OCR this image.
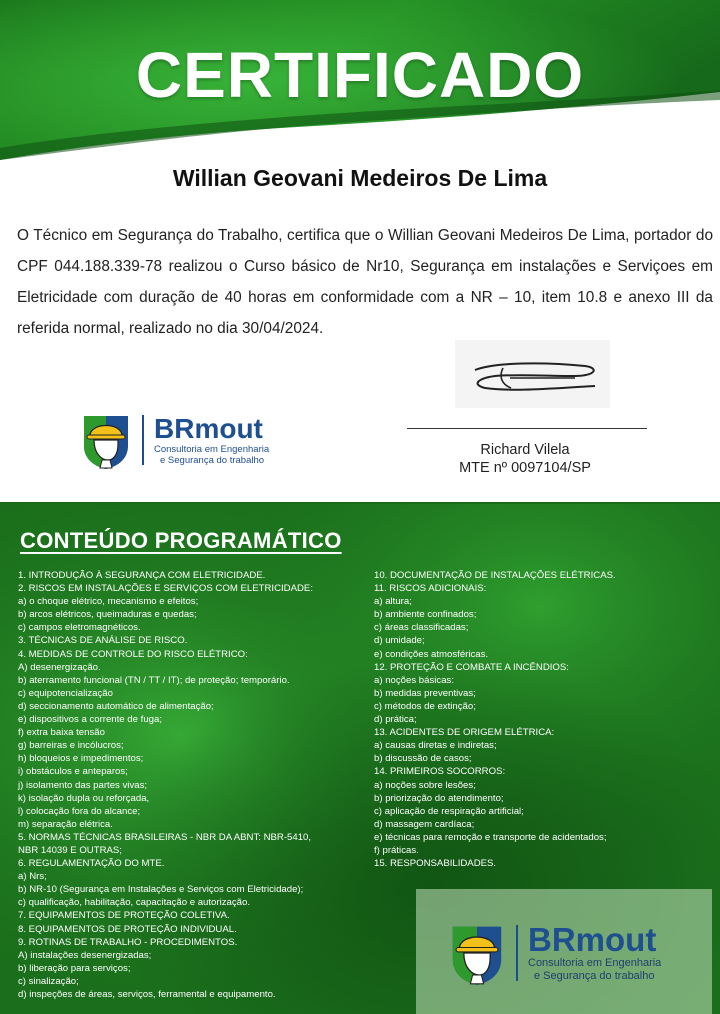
CERTIFICADO
Willian Geovani Medeiros De Lima
O Técnico em Segurança do Trabalho, certifica que o Willian Geovani Medeiros De Lima, portador do CPF 044.188.339-78 realizou o Curso básico de Nr10, Segurança em instalações e Serviçoes em Eletricidade com duração de 40 horas em conformidade com a NR – 10, item 10.8 e anexo III da referida normal, realizado no dia 30/04/2024.
Richard Vilela
MTE nº 0097104/SP
BRmout
Consultoria em Engenharia
e Segurança do trabalho
CONTEÚDO PROGRAMÁTICO
1. INTRODUÇÃO À SEGURANÇA COM ELETRICIDADE.
2. RISCOS EM INSTALAÇÕES E SERVIÇOS COM ELETRICIDADE:
a) o choque elétrico, mecanismo e efeitos;
b) arcos elétricos, queimaduras e quedas;
c) campos eletromagnéticos.
3. TÉCNICAS DE ANÁLISE DE RISCO.
4. MEDIDAS DE CONTROLE DO RISCO ELÉTRICO:
A) desenergização.
b) aterramento funcional (TN / TT / IT); de proteção; temporário.
c) equipotencialização
d) seccionamento automático de alimentação;
e) dispositivos a corrente de fuga;
f) extra baixa tensão
g) barreiras e incólucros;
h) bloqueios e impedimentos;
i) obstáculos e anteparos;
j) isolamento das partes vivas;
k) isolação dupla ou reforçada,
l) colocação fora do alcance;
m) separação elétrica.
5. NORMAS TÉCNICAS BRASILEIRAS - NBR DA ABNT: NBR-5410,
NBR 14039 E OUTRAS;
6. REGULAMENTAÇÃO DO MTE.
a) Nrs;
b) NR-10 (Segurança em Instalações e Serviços com Eletricidade);
c) qualificação, habilitação, capacitação e autorização.
7. EQUIPAMENTOS DE PROTEÇÃO COLETIVA.
8. EQUIPAMENTOS DE PROTEÇÃO INDIVIDUAL.
9. ROTINAS DE TRABALHO - PROCEDIMENTOS.
A) instalações desenergizadas;
b) liberação para serviços;
c) sinalização;
d) inspeções de áreas, serviços, ferramental e equipamento.
10. DOCUMENTAÇÃO DE INSTALAÇÕES ELÉTRICAS.
11. RISCOS ADICIONAIS:
a) altura;
b) ambiente confinados;
c) áreas classificadas;
d) umidade;
e) condições atmosféricas.
12. PROTEÇÃO E COMBATE A INCÊNDIOS:
a) noções básicas:
b) medidas preventivas;
c) métodos de extinção;
d) prática;
13. ACIDENTES DE ORIGEM ELÉTRICA:
a) causas diretas e indiretas;
b) discussão de casos;
14. PRIMEIROS SOCORROS:
a) noções sobre lesões;
b) priorização do atendimento;
c) aplicação de respiração artificial;
d) massagem cardíaca;
e) técnicas para remoção e transporte de acidentados;
f) práticas.
15. RESPONSABILIDADES.
BRmout
Consultoria em Engenharia
e Segurança do trabalho
